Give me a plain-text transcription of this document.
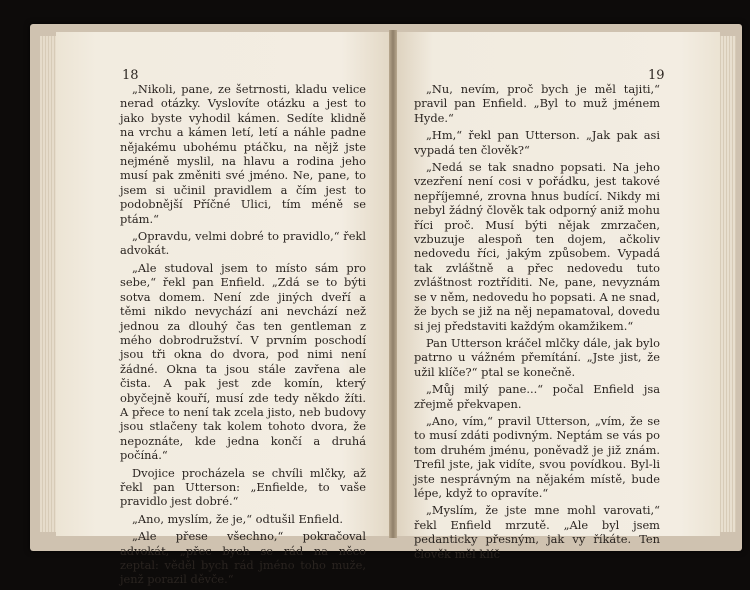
18

„Nikoli, pane, ze šetrnosti, kladu velice nerad otázky. Vyslovíte otázku a jest to jako byste vyhodil kámen. Sedíte klidně na vrchu a kámen letí, letí a náhle padne nějakému ubohému ptáčku, na nějž jste nejméně myslil, na hlavu a rodina jeho musí pak změniti své jméno. Ne, pane, to jsem si učinil pravidlem a čím jest to podobnější Příčné Ulici, tím méně se ptám.“

„Opravdu, velmi dobré to pravidlo,“ řekl advokát.

„Ale studoval jsem to místo sám pro sebe,“ řekl pan Enfield. „Zdá se to býti sotva domem. Není zde jiných dveří a těmi nikdo nevychází ani nevchází než jednou za dlouhý čas ten gentleman z mého dobrodružství. V prvním poschodí jsou tři okna do dvora, pod nimi není žádné. Okna ta jsou stále zavřena ale čista. A pak jest zde komín, který obyčejně kouří, musí zde tedy někdo žíti. A přece to není tak zcela jisto, neb budovy jsou stlačeny tak kolem tohoto dvora, že nepoznáte, kde jedna končí a druhá počíná.“

Dvojice procházela se chvíli mlčky, až řekl pan Utterson: „Enfielde, to vaše pravidlo jest dobré.“

„Ano, myslím, že je,“ odtušil Enfield.

„Ale přese všechno,“ pokračoval advokát, „přec bych se rád na něco zeptal: věděl bych rád jméno toho muže, jenž porazil děvče.“

19

„Nu, nevím, proč bych je měl tajiti,“ pravil pan Enfield. „Byl to muž jménem Hyde.“

„Hm,“ řekl pan Utterson. „Jak pak asi vypadá ten člověk?“

„Nedá se tak snadno popsati. Na jeho vzezření není cosi v pořádku, jest takové nepříjemné, zrovna hnus budící. Nikdy mi nebyl žádný člověk tak odporný aniž mohu říci proč. Musí býti nějak zmrzačen, vzbuzuje alespoň ten dojem, ačkoliv nedovedu říci, jakým způsobem. Vypadá tak zvláštně a přec nedovedu tuto zvláštnost roztříditi. Ne, pane, nevyznám se v něm, nedovedu ho popsati. A ne snad, že bych se již na něj nepamatoval, dovedu si jej představiti každým okamžikem.“

Pan Utterson kráčel mlčky dále, jak bylo patrno u vážném přemítání. „Jste jist, že užil klíče?“ ptal se konečně.

„Můj milý pane...“ počal Enfield jsa zřejmě překvapen.

„Ano, vím,“ pravil Utterson, „vím, že se to musí zdáti podivným. Neptám se vás po tom druhém jménu, poněvadž je již znám. Trefil jste, jak vidíte, svou povídkou. Byl-li jste nesprávným na nějakém místě, bude lépe, když to opravíte.“

„Myslím, že jste mne mohl varovati,“ řekl Enfield mrzutě. „Ale byl jsem pedanticky přesným, jak vy říkáte. Ten člověk měl klíč
